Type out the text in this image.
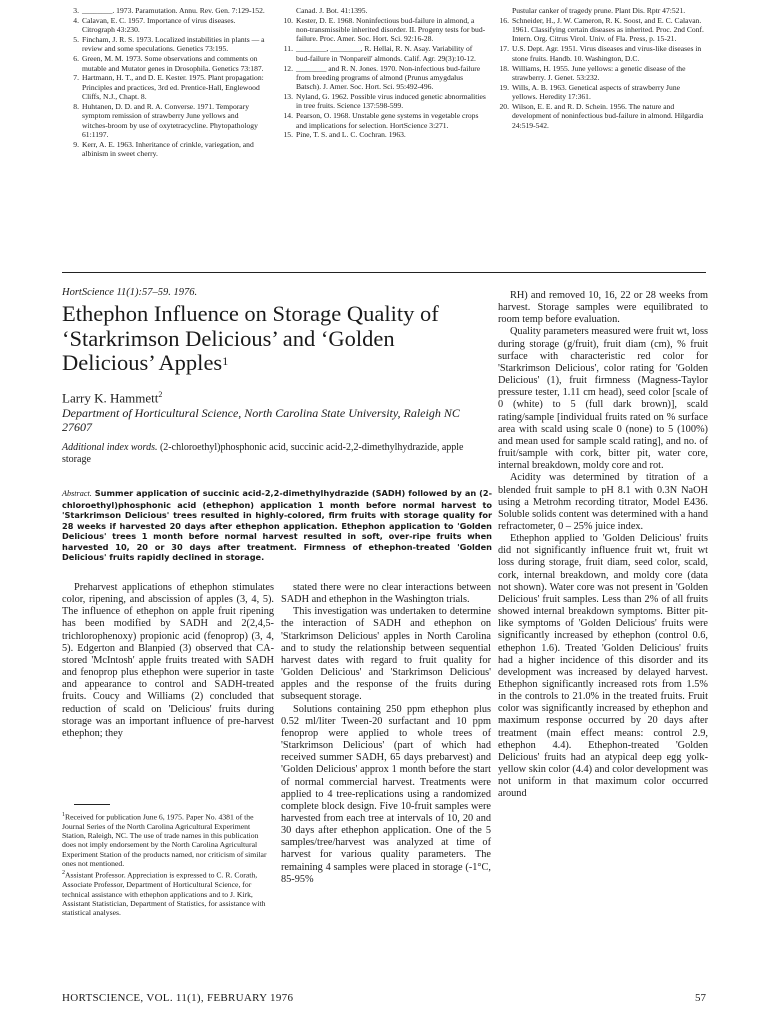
3. ________. 1973. Paramutation. Annu. Rev. Gen. 7:129-152.
4. Calavan, E. C. 1957. Importance of virus diseases. Citrograph 43:230.
5. Fincham, J. R. S. 1973. Localized instabilities in plants — a review and some speculations. Genetics 73:195.
6. Green, M. M. 1973. Some observations and comments on mutable and Mutator genes in Drosophila. Genetics 73:187.
7. Hartmann, H. T., and D. E. Kester. 1975. Plant propagation: Principles and practices, 3rd ed. Prentice-Hall, Englewood Cliffs, N.J., Chapt. 8.
8. Huhtanen, D. D. and R. A. Converse. 1971. Temporary symptom remission of strawberry June yellows and witches-broom by use of oxytetracycline. Phytopathology 61:1197.
9. Kerr, A. E. 1963. Inheritance of crinkle, variegation, and albinism in sweet cherry.
Canad. J. Bot. 41:1395.
10. Kester, D. E. 1968. Noninfectious bud-failure in almond, a non-transmissible inherited disorder. II. Progeny tests for bud-failure. Proc. Amer. Soc. Hort. Sci. 92:16-28.
11. ________, ________, R. Hellai, R. N. Asay. Variability of bud-failure in 'Nonpareil' almonds. Calif. Agr. 29(3):10-12.
12. ________ and R. N. Jones. 1970. Non-infectious bud-failure from breeding programs of almond (Prunus amygdalus Batsch). J. Amer. Soc. Hort. Sci. 95:492-496.
13. Nyland, G. 1962. Possible virus induced genetic abnormalities in tree fruits. Science 137:598-599.
14. Pearson, O. 1968. Unstable gene systems in vegetable crops and implications for selection. HortScience 3:271.
15. Pine, T. S. and L. C. Cochran. 1963.
Pustular canker of tragedy prune. Plant Dis. Rptr 47:521.
16. Schneider, H., J. W. Cameron, R. K. Soost, and E. C. Calavan. 1961. Classifying certain diseases as inherited. Proc. 2nd Conf. Intern. Org. Citrus Virol. Univ. of Fla. Press, p. 15-21.
17. U.S. Dept. Agr. 1951. Virus diseases and virus-like diseases in stone fruits. Handb. 10. Washington, D.C.
18. Williams, H. 1955. June yellows: a genetic disease of the strawberry. J. Genet. 53:232.
19. Wills, A. B. 1963. Genetical aspects of strawberry June yellows. Heredity 17:361.
20. Wilson, E. E. and R. D. Schein. 1956. The nature and development of noninfectious bud-failure in almond. Hilgardia 24:519-542.
HortScience 11(1):57–59. 1976.
Ethephon Influence on Storage Quality of ‘Starkrimson Delicious’ and ‘Golden Delicious’ Apples$^1$
Larry K. Hammett$^2$
Department of Horticultural Science, North Carolina State University, Raleigh NC 27607
Additional index words. (2-chloroethyl)phosphonic acid, succinic acid-2,2-dimethylhydrazide, apple storage
Abstract. Summer application of succinic acid-2,2-dimethylhydrazide (SADH) followed by an (2-chloroethyl)phosphonic acid (ethephon) application 1 month before normal harvest to 'Starkrimson Delicious' trees resulted in highly-colored, firm fruits with storage quality for 28 weeks if harvested 20 days after ethephon application. Ethephon application to 'Golden Delicious' trees 1 month before normal harvest resulted in soft, over-ripe fruits when harvested 10, 20 or 30 days after treatment. Firmness of ethephon-treated 'Golden Delicious' fruits rapidly declined in storage.

Preharvest applications of ethephon stimulates color, ripening, and abscission of apples (3, 4, 5). The influence of ethephon on apple fruit ripening has been modified by SADH and 2(2,4,5-trichlorophenoxy) propionic acid (fenoprop) (3, 4, 5). Edgerton and Blanpied (3) observed that CA-stored 'McIntosh' apple fruits treated with SADH and fenoprop plus ethephon were superior in taste and appearance to control and SADH-treated fruits. Coucy and Williams (2) concluded that reduction of scald on 'Delicious' fruits during storage was an important influence of pre-harvest ethephon; they

stated there were no clear interactions between SADH and ethephon in the Washington trials.

This investigation was undertaken to determine the interaction of SADH and ethephon on 'Starkrimson Delicious' apples in North Carolina and to study the relationship between sequential harvest dates with regard to fruit quality for 'Golden Delicious' and 'Starkrimson Delicious' apples and the response of the fruits during subsequent storage.

Solutions containing 250 ppm ethephon plus 0.52 ml/liter Tween-20 surfactant and 10 ppm fenoprop were applied to whole trees of 'Starkrimson Delicious' (part of which had received summer SADH, 65 days prebarvest) and 'Golden Delicious' approx 1 month before the start of normal commercial harvest. Treatments were applied to 4 tree-replications using a randomized complete block design. Five 10-fruit samples were harvested from each tree at intervals of 10, 20 and 30 days after ethephon application. One of the 5 samples/tree/harvest was analyzed at time of harvest for various quality parameters. The remaining 4 samples were placed in storage (-1°C, 85-95%

RH) and removed 10, 16, 22 or 28 weeks from harvest. Storage samples were equilibrated to room temp before evaluation.

Quality parameters measured were fruit wt, loss during storage (g/fruit), fruit diam (cm), % fruit surface with characteristic red color for 'Starkrimson Delicious', color rating for 'Golden Delicious' (1), fruit firmness (Magness-Taylor pressure tester, 1.11 cm head), seed color [scale of 0 (white) to 5 (full dark brown)], scald rating/sample [individual fruits rated on % surface area with scald using scale 0 (none) to 5 (100%) and mean used for sample scald rating], and no. of fruit/sample with cork, bitter pit, water core, internal breakdown, moldy core and rot.

Acidity was determined by titration of a blended fruit sample to pH 8.1 with 0.3N NaOH using a Metrohm recording titrator, Model E436. Soluble solids content was determined with a hand refractometer, 0 – 25% juice index.

Ethephon applied to 'Golden Delicious' fruits did not significantly influence fruit wt, fruit wt loss during storage, fruit diam, seed color, scald, cork, internal breakdown, and moldy core (data not shown). Water core was not present in 'Golden Delicious' fruit samples. Less than 2% of all fruits showed internal breakdown symptoms. Bitter pit-like symptoms of 'Golden Delicious' fruits were significantly increased by ethephon (control 0.6, ethephon 1.6). Treated 'Golden Delicious' fruits had a higher incidence of this disorder and its development was increased by delayed harvest. Ethephon significantly increased rots from 1.5% in the controls to 21.0% in the treated fruits. Fruit color was significantly increased by ethephon and maximum response occurred by 20 days after treatment (main effect means: control 2.9, ethephon 4.4). Ethephon-treated 'Golden Delicious' fruits had an atypical deep egg yolk-yellow skin color (4.4) and color development was not uniform in that maximum color occurred around

$^1$Received for publication June 6, 1975. Paper No. 4381 of the Journal Series of the North Carolina Agricultural Experiment Station, Raleigh, NC. The use of trade names in this publication does not imply endorsement by the North Carolina Agricultural Experiment Station of the products named, nor criticism of similar ones not mentioned.

$^2$Assistant Professor. Appreciation is expressed to C. R. Corath, Associate Professor, Department of Horticultural Science, for technical assistance with ethephon applications and to J. Kirk, Assistant Statistician, Department of Statistics, for assistance with statistical analyses.

HORTSCIENCE, VOL. 11(1), FEBRUARY 1976	57
